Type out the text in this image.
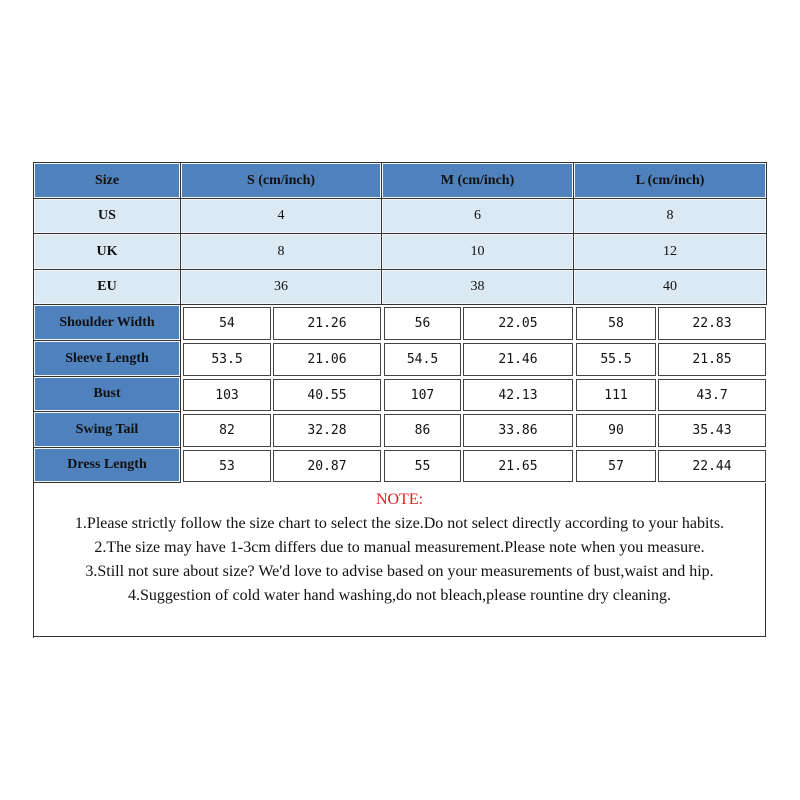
Size	S (cm/inch)	M (cm/inch)	L (cm/inch)
US	4	6	8
UK	8	10	12
EU	36	38	40
Shoulder Width	54	21.26	56	22.05	58	22.83
Sleeve Length	53.5	21.06	54.5	21.46	55.5	21.85
Bust	103	40.55	107	42.13	111	43.7
Swing Tail	82	32.28	86	33.86	90	35.43
Dress Length	53	20.87	55	21.65	57	22.44
NOTE:
1.Please strictly follow the size chart to select the size.Do not select directly according to your habits.
2.The size may have 1-3cm differs due to manual measurement.Please note when you measure.
3.Still not sure about size? We'd love to advise based on your measurements of bust,waist and hip.
4.Suggestion of cold water hand washing,do not bleach,please rountine dry cleaning.
